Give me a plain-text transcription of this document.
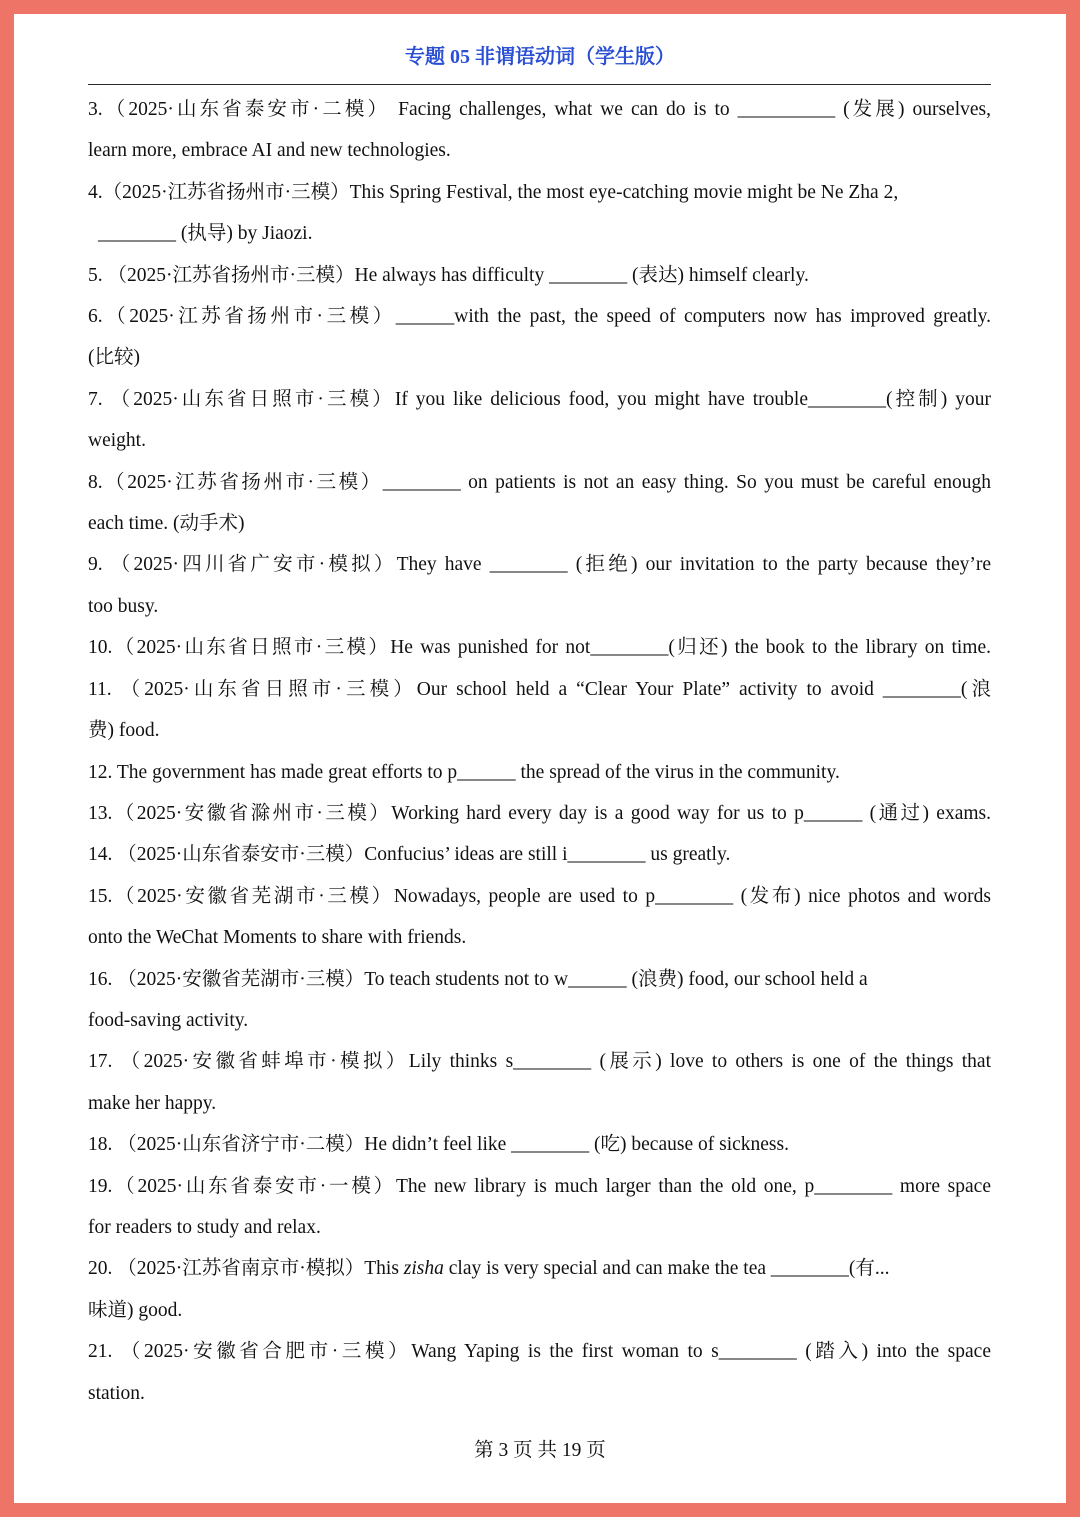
专题 05 非谓语动词（学生版）
3.（2025·山东省泰安市·二模） Facing challenges, what we can do is to __________ (发展) ourselves,
learn more, embrace AI and new technologies.
4.（2025·江苏省扬州市·三模）This Spring Festival, the most eye-catching movie might be Ne Zha 2,
________ (执导) by Jiaozi.
5. （2025·江苏省扬州市·三模）He always has difficulty ________ (表达) himself clearly.
6.（2025·江苏省扬州市·三模）______with the past, the speed of computers now has improved greatly.
(比较)
7. （2025·山东省日照市·三模）If you like delicious food, you might have trouble________(控制) your
weight.
8.（2025·江苏省扬州市·三模）________ on patients is not an easy thing. So you must be careful enough
each time. (动手术)
9. （2025·四川省广安市·模拟）They have ________ (拒绝) our invitation to the party because they’re
too busy.
10.（2025·山东省日照市·三模）He was punished for not________(归还) the book to the library on time.
11. （2025·山东省日照市·三模）Our school held a “Clear Your Plate” activity to avoid ________(浪
费) food.
12. The government has made great efforts to p______ the spread of the virus in the community.
13.（2025·安徽省滁州市·三模）Working hard every day is a good way for us to p______ (通过) exams.
14. （2025·山东省泰安市·三模）Confucius’ ideas are still i________ us greatly.
15.（2025·安徽省芜湖市·三模）Nowadays, people are used to p________ (发布) nice photos and words
onto the WeChat Moments to share with friends.
16. （2025·安徽省芜湖市·三模）To teach students not to w______ (浪费) food, our school held a
food-saving activity.
17. （2025·安徽省蚌埠市·模拟）Lily thinks s________ (展示) love to others is one of the things that
make her happy.
18. （2025·山东省济宁市·二模）He didn’t feel like ________ (吃) because of sickness.
19.（2025·山东省泰安市·一模）The new library is much larger than the old one, p________ more space
for readers to study and relax.
20. （2025·江苏省南京市·模拟）This zisha clay is very special and can make the tea ________(有...
味道) good.
21. （2025·安徽省合肥市·三模）Wang Yaping is the first woman to s________ (踏入) into the space
station.
第 3 页 共 19 页
